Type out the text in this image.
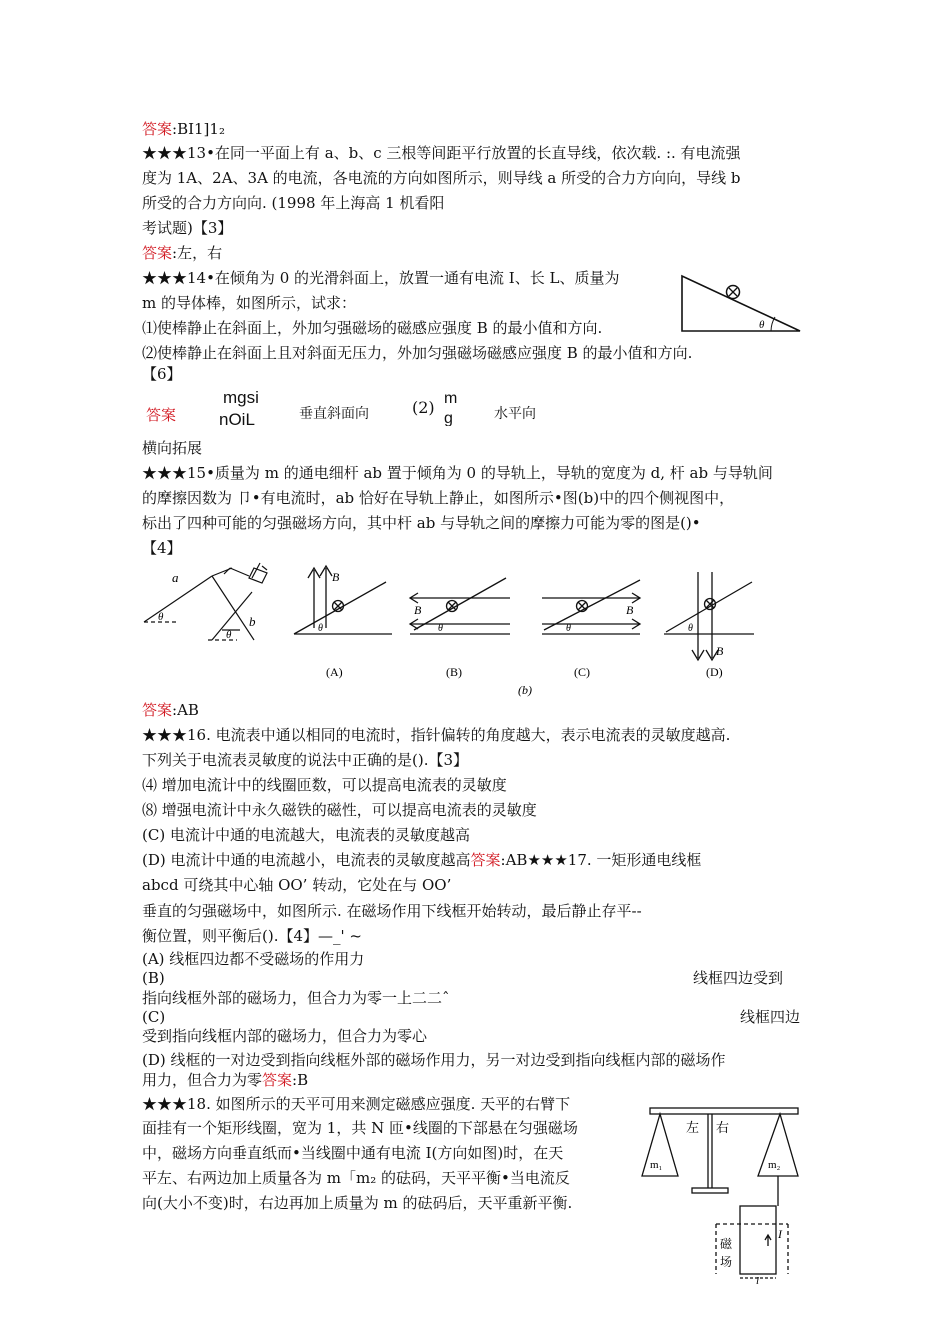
答案:BI1]1₂
★★★13•在同一平面上有 a、b、c 三根等间距平行放置的长直导线，依次载. :. 有电流强
度为 1A、2A、3A 的电流，各电流的方向如图所示，则导线 a 所受的合力方向向，导线 b
所受的合力方向向. (1998 年上海高 1 机看阳
考试题)【3】
答案:左，右
★★★14•在倾角为 0 的光滑斜面上，放置一通有电流 I、长 L、质量为
m 的导体棒，如图所示，试求：
⑴使棒静止在斜面上，外加匀强磁场的磁感应强度 B 的最小值和方向.
⑵使棒静止在斜面上且对斜面无压力，外加匀强磁场磁感应强度 B 的最小值和方向.
【6】
答案
mgsi
nOiL	垂直斜面向	(2) m
g	水平向
横向拓展
★★★15•质量为 m 的通电细杆 ab 置于倾角为 0 的导轨上，导轨的宽度为 d, 杆 ab 与导轨间
的摩擦因数为 卩•有电流时，ab 恰好在导轨上静止，如图所示•图(b)中的四个侧视图中，
标出了四种可能的匀强磁场方向，其中杆 ab 与导轨之间的摩擦力可能为零的图是()•
【4】
答案:AB
★★★16. 电流表中通以相同的电流时，指针偏转的角度越大，表示电流表的灵敏度越高.
下列关于电流表灵敏度的说法中正确的是().【3】
⑷ 增加电流计中的线圈匝数，可以提高电流表的灵敏度
⑻ 增强电流计中永久磁铁的磁性，可以提高电流表的灵敏度
(C) 电流计中通的电流越大，电流表的灵敏度越高
(D) 电流计中通的电流越小，电流表的灵敏度越高答案:AB★★★17. 一矩形通电线框
abcd 可绕其中心轴 OO’ 转动，它处在与 OO’
垂直的匀强磁场中，如图所示. 在磁场作用下线框开始转动，最后静止存平--
衡位置，则平衡后().【4】—_' ~
(A) 线框四边都不受磁场的作用力
(B)	线框四边受到
指向线框外部的磁场力，但合力为零一上二二ˆ
(C)	线框四边
受到指向线框内部的磁场力，但合力为零心
(D) 线框的一对边受到指向线框外部的磁场作用力，另一对边受到指向线框内部的磁场作
用力，但合力为零答案:B
★★★18. 如图所示的天平可用来测定磁感应强度. 天平的右臂下
面挂有一个矩形线圈，宽为 1，共 N 匝•线圈的下部悬在匀强磁场
中，磁场方向垂直纸而•当线圈中通有电流 I(方向如图)时，在天
平左、右两边加上质量各为 m「m₂ 的砝码，天平平衡•当电流反
向(大小不变)时，右边再加上质量为 m 的砝码后，天平重新平衡.
θ
a
b
θ
θ
B
θ
B
θ
B
θ
B
θ
(A)	(B)	(C)	(D)
(b)
左 右
m₁	m₂
I
磁
场
l
